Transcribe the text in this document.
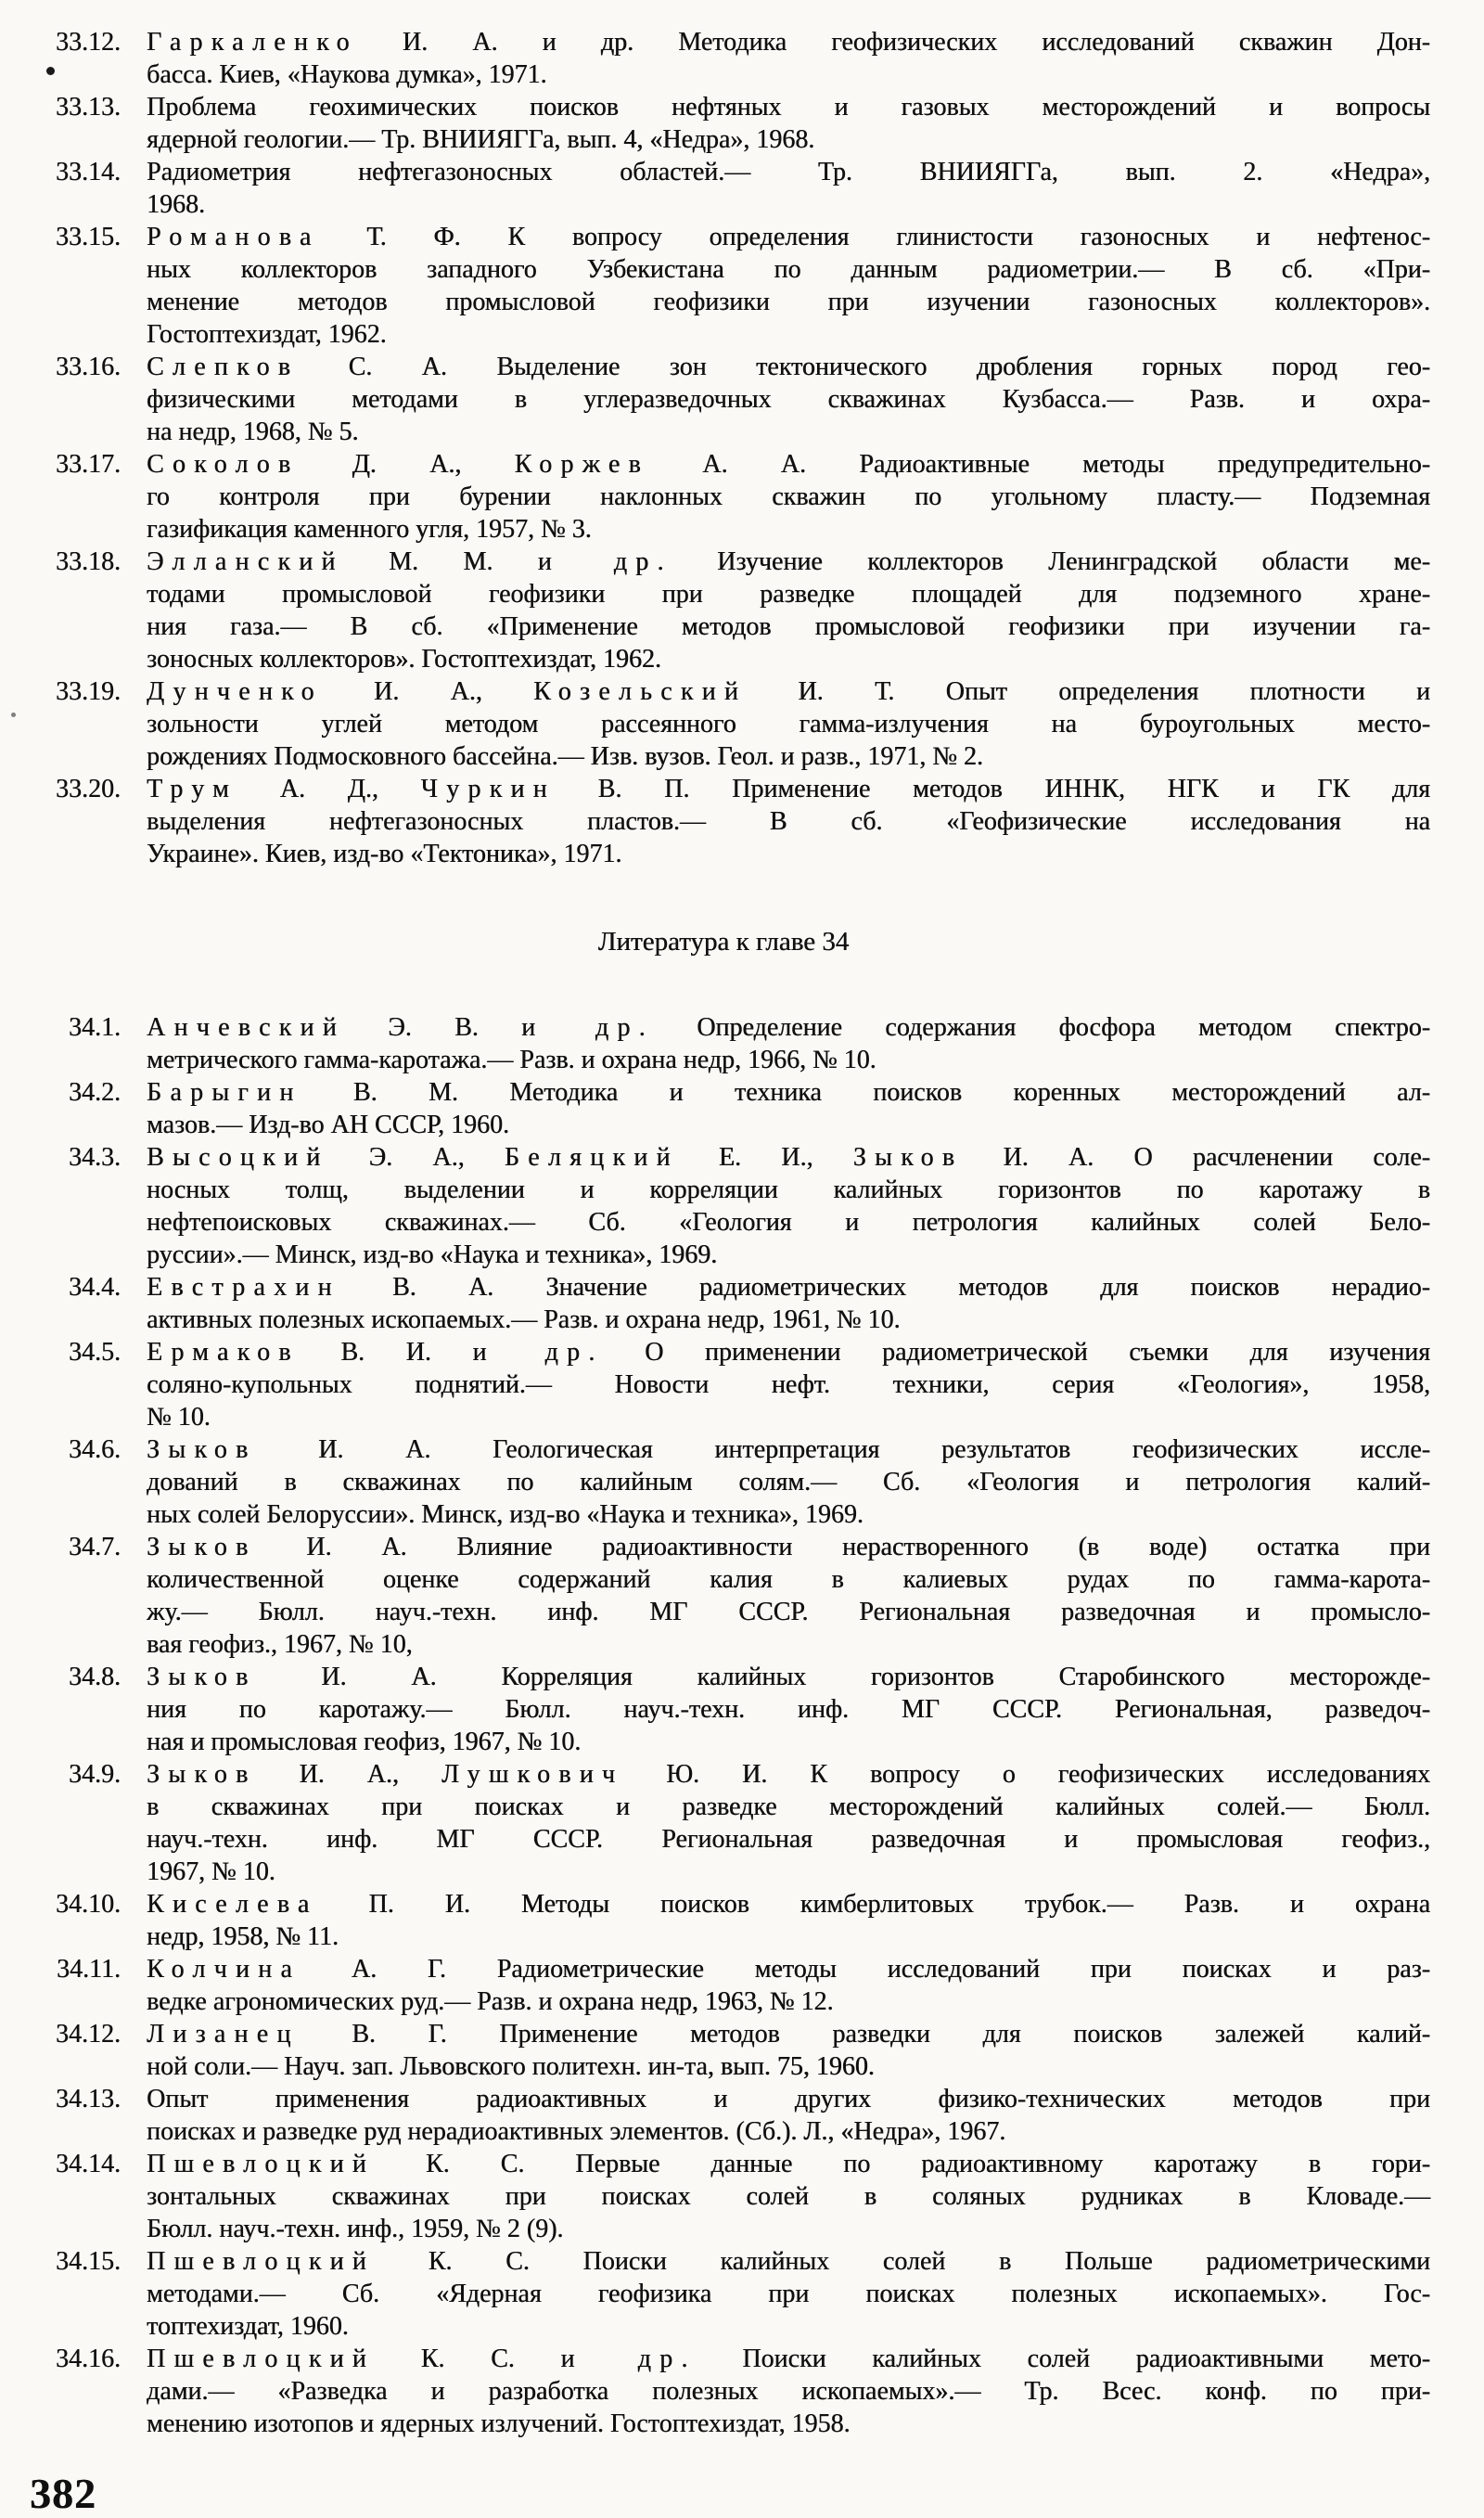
33.12. Гаркаленко И. А. и др. Методика геофизических исследований скважин Дон-
басса. Киев, «Наукова думка», 1971.
33.13. Проблема геохимических поисков нефтяных и газовых месторождений и вопросы
ядерной геологии.— Тр. ВНИИЯГГа, вып. 4, «Недра», 1968.
33.14. Радиометрия нефтегазоносных областей.— Тр. ВНИИЯГГа, вып. 2. «Недра»,
1968.
33.15. Романова Т. Ф. К вопросу определения глинистости газоносных и нефтенос-
ных коллекторов западного Узбекистана по данным радиометрии.— В сб. «При-
менение методов промысловой геофизики при изучении газоносных коллекторов».
Гостоптехиздат, 1962.
33.16. Слепков С. А. Выделение зон тектонического дробления горных пород гео-
физическими методами в углеразведочных скважинах Кузбасса.— Разв. и охра-
на недр, 1968, № 5.
33.17. Соколов Д. А., Коржев А. А. Радиоактивные методы предупредительно-
го контроля при бурении наклонных скважин по угольному пласту.— Подземная
газификация каменного угля, 1957, № 3.
33.18. Элланский М. М. и др. Изучение коллекторов Ленинградской области ме-
тодами промысловой геофизики при разведке площадей для подземного хране-
ния газа.— В сб. «Применение методов промысловой геофизики при изучении га-
зоносных коллекторов». Гостоптехиздат, 1962.
33.19. Дунченко И. А., Козельский И. Т. Опыт определения плотности и
зольности углей методом рассеянного гамма-излучения на буроугольных место-
рождениях Подмосковного бассейна.— Изв. вузов. Геол. и разв., 1971, № 2.
33.20. Трум А. Д., Чуркин В. П. Применение методов ИННК, НГК и ГК для
выделения нефтегазоносных пластов.— В сб. «Геофизические исследования на
Украине». Киев, изд-во «Тектоника», 1971.
Литература к главе 34
34.1. Анчевский Э. В. и др. Определение содержания фосфора методом спектро-
метрического гамма-каротажа.— Разв. и охрана недр, 1966, № 10.
34.2. Барыгин В. М. Методика и техника поисков коренных месторождений ал-
мазов.— Изд-во АН СССР, 1960.
34.3. Высоцкий Э. А., Беляцкий Е. И., Зыков И. А. О расчленении соле-
носных толщ, выделении и корреляции калийных горизонтов по каротажу в
нефтепоисковых скважинах.— Сб. «Геология и петрология калийных солей Бело-
руссии».— Минск, изд-во «Наука и техника», 1969.
34.4. Евстрахин В. А. Значение радиометрических методов для поисков нерадио-
активных полезных ископаемых.— Разв. и охрана недр, 1961, № 10.
34.5. Ермаков В. И. и др. О применении радиометрической съемки для изучения
соляно-купольных поднятий.— Новости нефт. техники, серия «Геология», 1958,
№ 10.
34.6. Зыков И. А. Геологическая интерпретация результатов геофизических иссле-
дований в скважинах по калийным солям.— Сб. «Геология и петрология калий-
ных солей Белоруссии». Минск, изд-во «Наука и техника», 1969.
34.7. Зыков И. А. Влияние радиоактивности нерастворенного (в воде) остатка при
количественной оценке содержаний калия в калиевых рудах по гамма-карота-
жу.— Бюлл. науч.-техн. инф. МГ СССР. Региональная разведочная и промысло-
вая геофиз., 1967, № 10,
34.8. Зыков И. А. Корреляция калийных горизонтов Старобинского месторожде-
ния по каротажу.— Бюлл. науч.-техн. инф. МГ СССР. Региональная, разведоч-
ная и промысловая геофиз, 1967, № 10.
34.9. Зыков И. А., Лушкович Ю. И. К вопросу о геофизических исследованиях
в скважинах при поисках и разведке месторождений калийных солей.— Бюлл.
науч.-техн. инф. МГ СССР. Региональная разведочная и промысловая геофиз.,
1967, № 10.
34.10. Киселева П. И. Методы поисков кимберлитовых трубок.— Разв. и охрана
недр, 1958, № 11.
34.11. Колчина А. Г. Радиометрические методы исследований при поисках и раз-
ведке агрономических руд.— Разв. и охрана недр, 1963, № 12.
34.12. Лизанец В. Г. Применение методов разведки для поисков залежей калий-
ной соли.— Науч. зап. Львовского политехн. ин-та, вып. 75, 1960.
34.13. Опыт применения радиоактивных и других физико-технических методов при
поисках и разведке руд нерадиоактивных элементов. (Сб.). Л., «Недра», 1967.
34.14. Пшевлоцкий К. С. Первые данные по радиоактивному каротажу в гори-
зонтальных скважинах при поисках солей в соляных рудниках в Кловаде.—
Бюлл. науч.-техн. инф., 1959, № 2 (9).
34.15. Пшевлоцкий К. С. Поиски калийных солей в Польше радиометрическими
методами.— Сб. «Ядерная геофизика при поисках полезных ископаемых». Гос-
топтехиздат, 1960.
34.16. Пшевлоцкий К. С. и др. Поиски калийных солей радиоактивными мето-
дами.— «Разведка и разработка полезных ископаемых».— Тр. Всес. конф. по при-
менению изотопов и ядерных излучений. Гостоптехиздат, 1958.
382
